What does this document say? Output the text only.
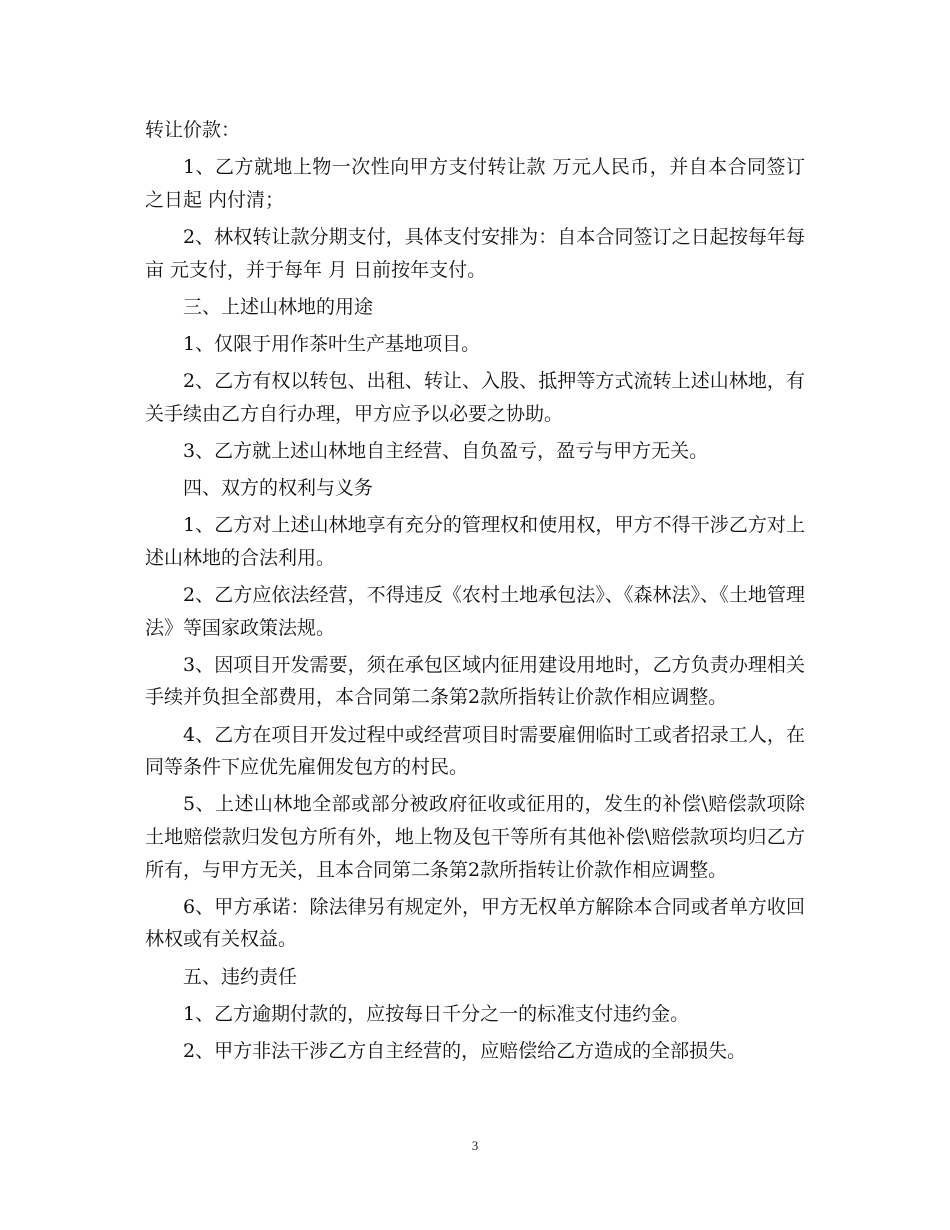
转让价款：

1、乙方就地上物一次性向甲方支付转让款 万元人民币，并自本合同签订之日起 内付清；

2、林权转让款分期支付，具体支付安排为：自本合同签订之日起按每年每亩 元支付，并于每年 月 日前按年支付。

三、上述山林地的用途

1、仅限于用作茶叶生产基地项目。

2、乙方有权以转包、出租、转让、入股、抵押等方式流转上述山林地，有关手续由乙方自行办理，甲方应予以必要之协助。

3、乙方就上述山林地自主经营、自负盈亏，盈亏与甲方无关。

四、双方的权利与义务

1、乙方对上述山林地享有充分的管理权和使用权，甲方不得干涉乙方对上述山林地的合法利用。

2、乙方应依法经营，不得违反《农村土地承包法》、《森林法》、《土地管理法》等国家政策法规。

3、因项目开发需要，须在承包区域内征用建设用地时，乙方负责办理相关手续并负担全部费用，本合同第二条第2款所指转让价款作相应调整。

4、乙方在项目开发过程中或经营项目时需要雇佣临时工或者招录工人，在同等条件下应优先雇佣发包方的村民。

5、上述山林地全部或部分被政府征收或征用的，发生的补偿\赔偿款项除土地赔偿款归发包方所有外，地上物及包干等所有其他补偿\赔偿款项均归乙方所有，与甲方无关，且本合同第二条第2款所指转让价款作相应调整。

6、甲方承诺：除法律另有规定外，甲方无权单方解除本合同或者单方收回林权或有关权益。

五、违约责任

1、乙方逾期付款的，应按每日千分之一的标准支付违约金。

2、甲方非法干涉乙方自主经营的，应赔偿给乙方造成的全部损失。

3
